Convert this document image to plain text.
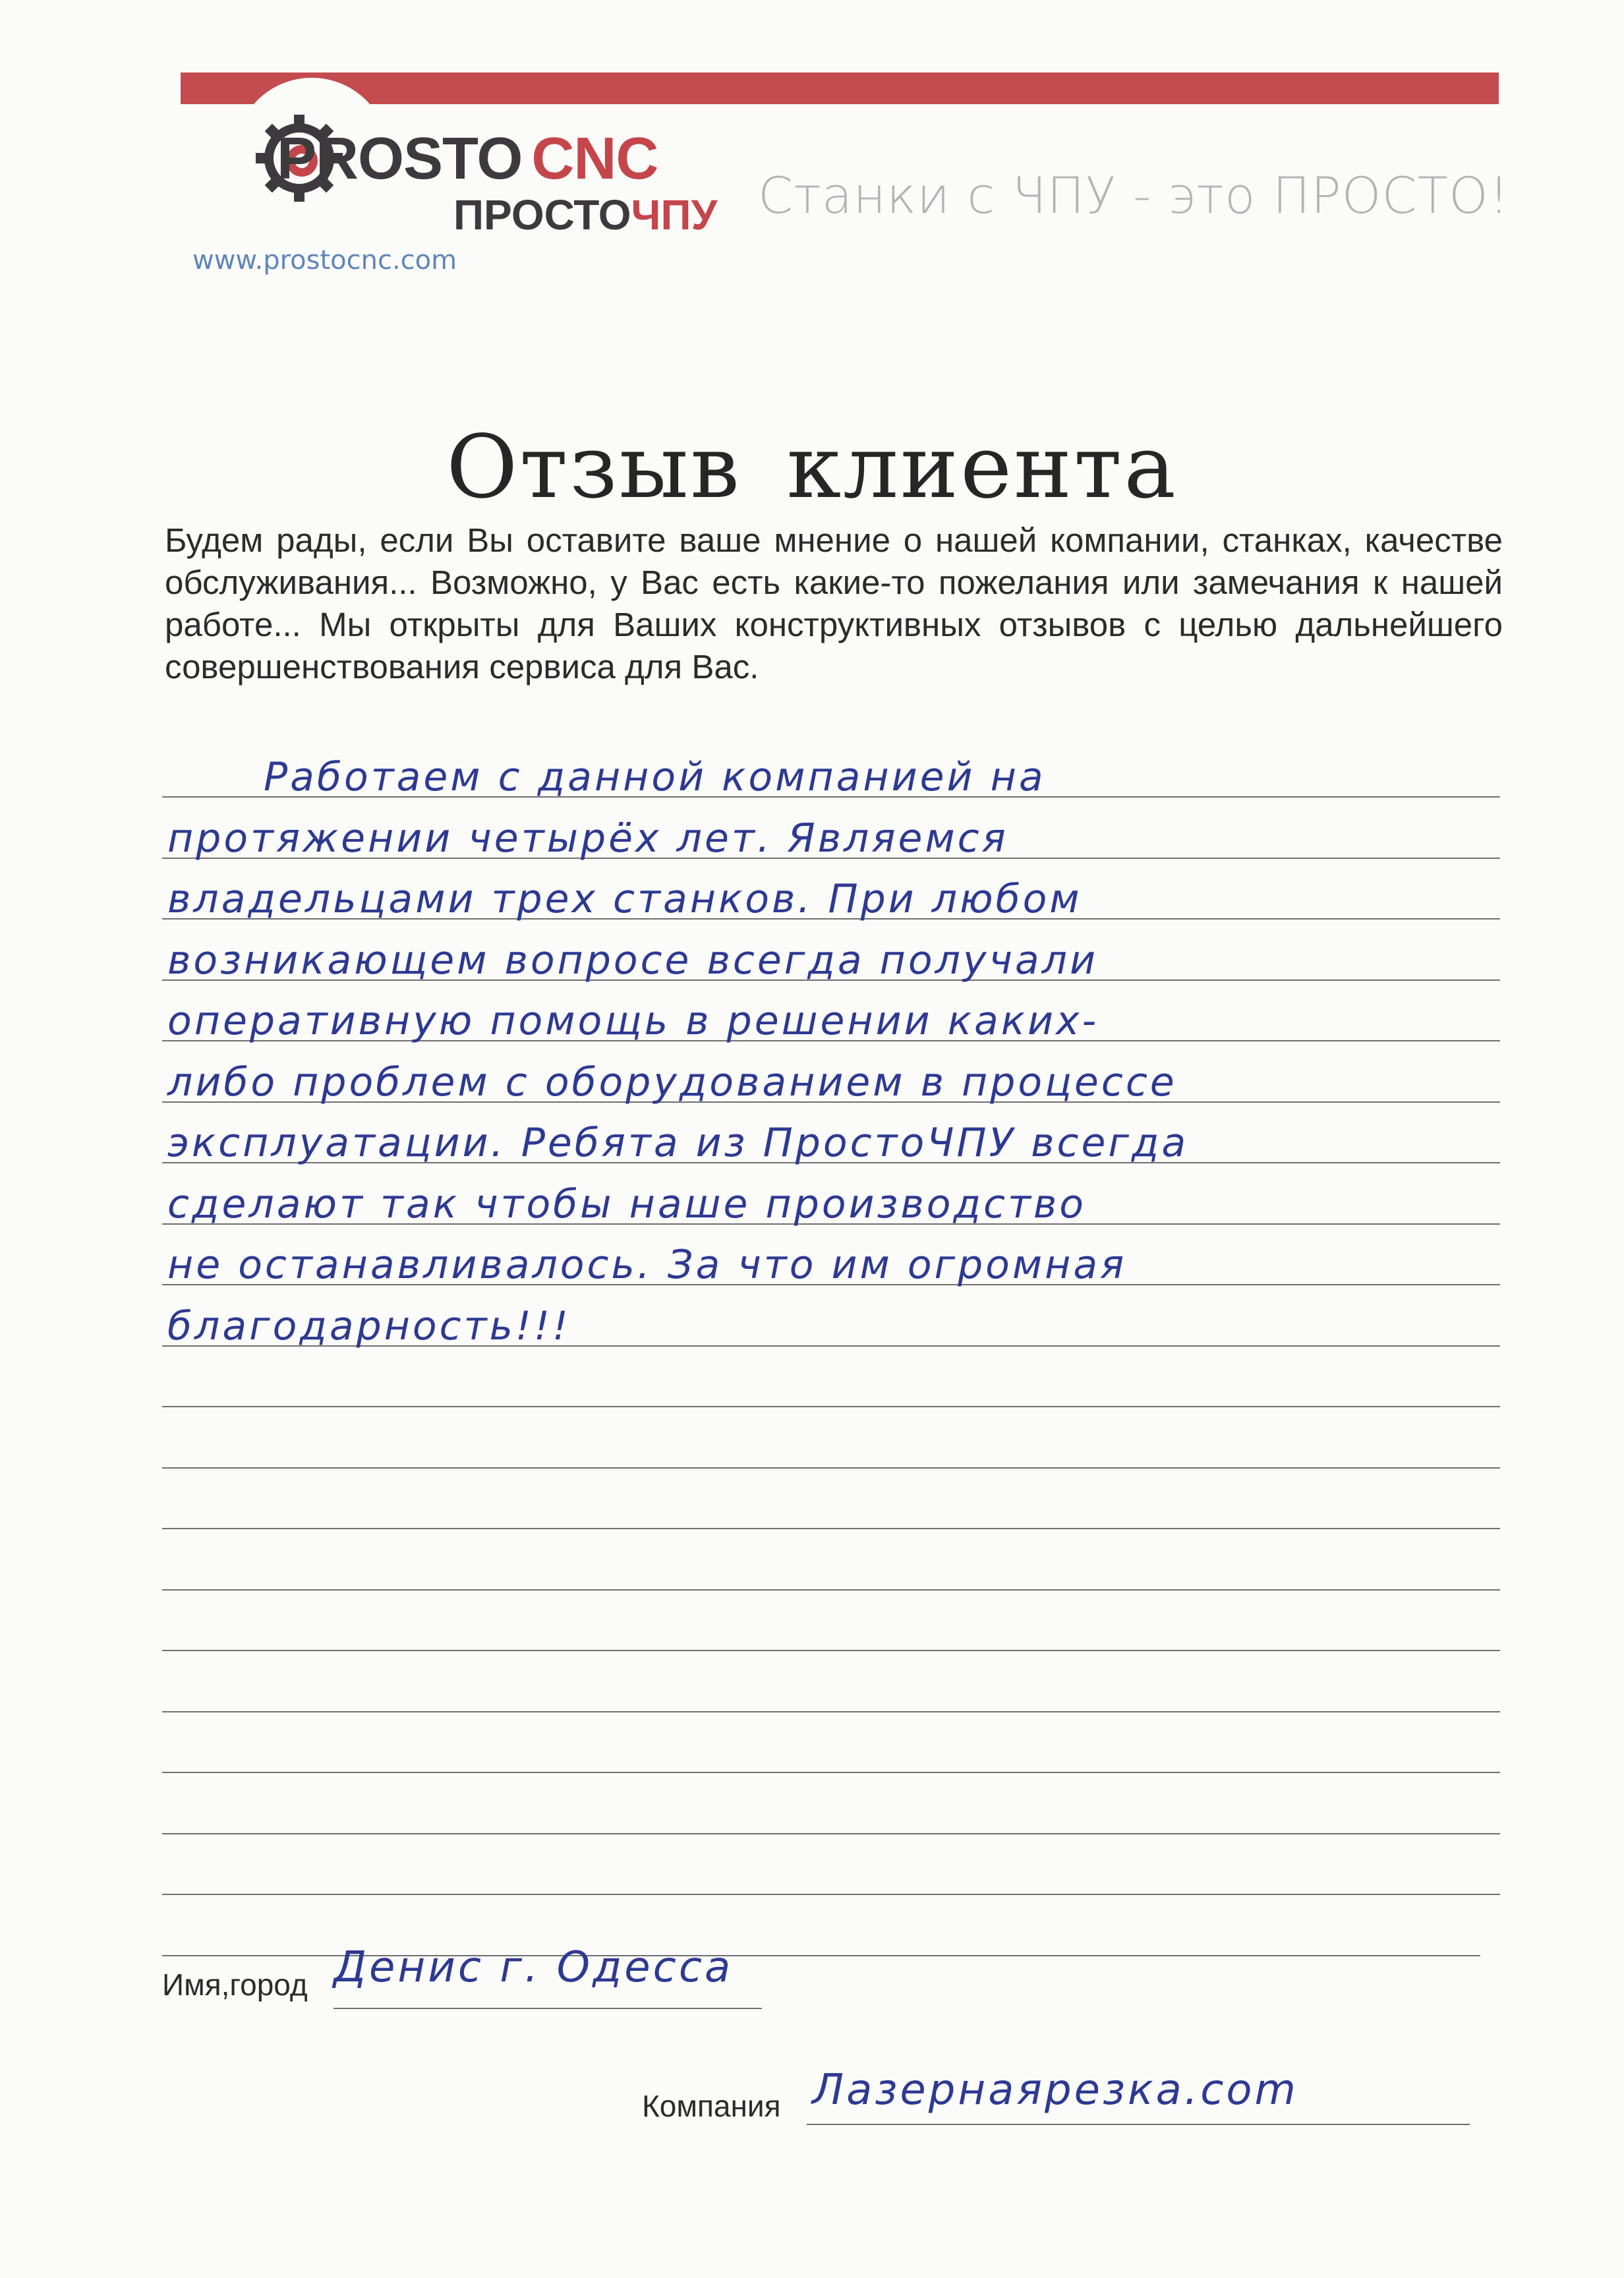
PROSTO CNC
ПРОСТОЧПУ
www.prostocnc.com
Станки с ЧПУ - это ПРОСТО!
Отзыв клиента
Будем рады, если Вы оставите ваше мнение о нашей компании, станках, качестве обслуживания... Возможно, у Вас есть какие-то пожелания или замечания к нашей работе... Мы открыты для Ваших конструктивных отзывов с целью дальнейшего совершенствования сервиса для Вас.
Работаем с данной компанией на
протяжении четырёх лет. Являемся
владельцами трех станков. При любом
возникающем вопросе всегда получали
оперативную помощь в решении каких-
либо проблем с оборудованием в процессе
эксплуатации. Ребята из ПростоЧПУ всегда
сделают так чтобы наше производство
не останавливалось. За что им огромная
благодарность!!!
Имя,город Денис г. Одесса
Компания Лазернаярезка.com
